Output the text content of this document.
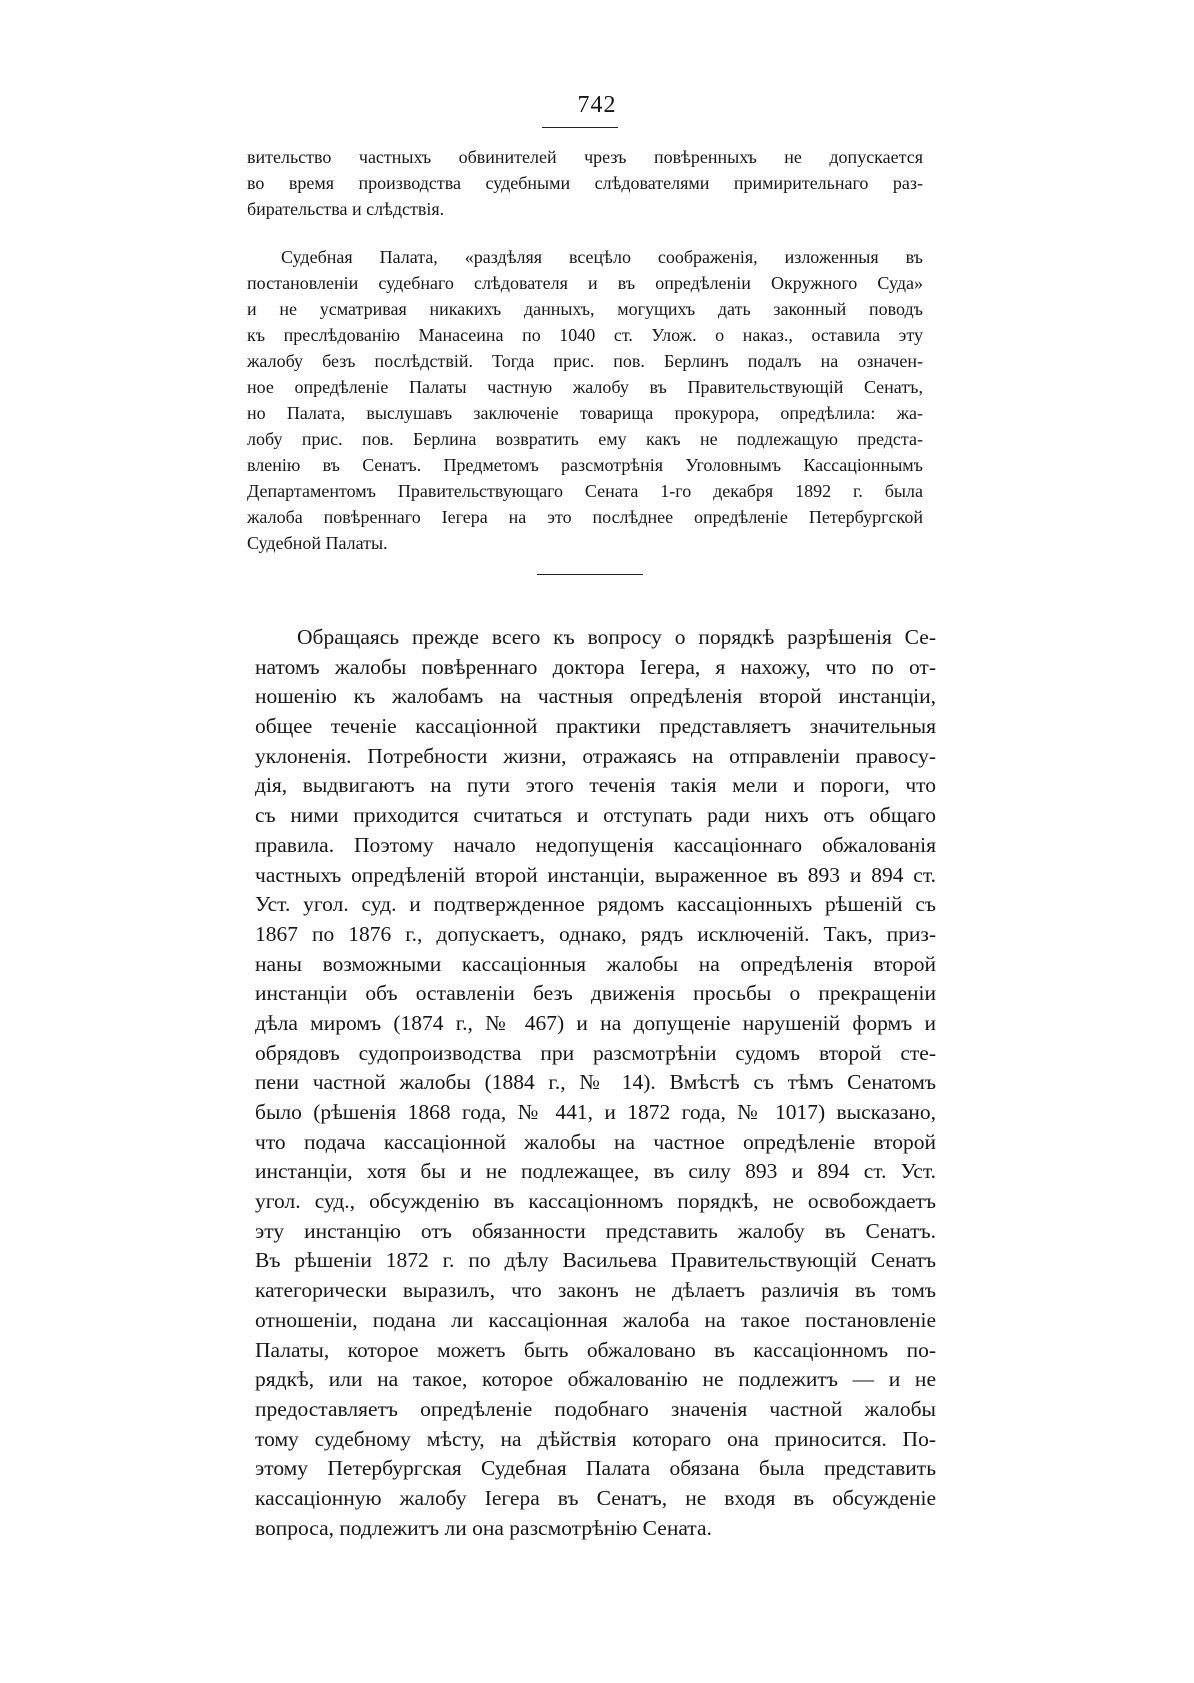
742
вительство частныхъ обвинителей чрезъ повѣренныхъ не допускается
во время производства судебными слѣдователями примирительнаго раз-
бирательства и слѣдствія.
Судебная Палата, «раздѣляя всецѣло соображенія, изложенныя въ
постановленіи судебнаго слѣдователя и въ опредѣленіи Окружного Суда»
и не усматривая никакихъ данныхъ, могущихъ дать законный поводъ
къ преслѣдованію Манасеина по 1040 ст. Улож. о наказ., оставила эту
жалобу безъ послѣдствій. Тогда прис. пов. Берлинъ подалъ на означен-
ное опредѣленіе Палаты частную жалобу въ Правительствующій Сенатъ,
но Палата, выслушавъ заключеніе товарища прокурора, опредѣлила: жа-
лобу прис. пов. Берлина возвратить ему какъ не подлежащую предста-
вленію въ Сенатъ. Предметомъ разсмотрѣнія Уголовнымъ Кассаціоннымъ
Департаментомъ Правительствующаго Сената 1-го декабря 1892 г. была
жалоба повѣреннаго Іегера на это послѣднее опредѣленіе Петербургской
Судебной Палаты.
Обращаясь прежде всего къ вопросу о порядкѣ разрѣшенія Се-
натомъ жалобы повѣреннаго доктора Іегера, я нахожу, что по от-
ношенію къ жалобамъ на частныя опредѣленія второй инстанціи,
общее теченіе кассаціонной практики представляетъ значительныя
уклоненія. Потребности жизни, отражаясь на отправленіи правосу-
дія, выдвигаютъ на пути этого теченія такія мели и пороги, что
съ ними приходится считаться и отступать ради нихъ отъ общаго
правила. Поэтому начало недопущенія кассаціоннаго обжалованія
частныхъ опредѣленій второй инстанціи, выраженное въ 893 и 894 ст.
Уст. угол. суд. и подтвержденное рядомъ кассаціонныхъ рѣшеній съ
1867 по 1876 г., допускаетъ, однако, рядъ исключеній. Такъ, приз-
наны возможными кассаціонныя жалобы на опредѣленія второй
инстанціи объ оставленіи безъ движенія просьбы о прекращеніи
дѣла миромъ (1874 г., № 467) и на допущеніе нарушеній формъ и
обрядовъ судопроизводства при разсмотрѣніи судомъ второй сте-
пени частной жалобы (1884 г., № 14). Вмѣстѣ съ тѣмъ Сенатомъ
было (рѣшенія 1868 года, № 441, и 1872 года, № 1017) высказано,
что подача кассаціонной жалобы на частное опредѣленіе второй
инстанціи, хотя бы и не подлежащее, въ силу 893 и 894 ст. Уст.
угол. суд., обсужденію въ кассаціонномъ порядкѣ, не освобождаетъ
эту инстанцію отъ обязанности представить жалобу въ Сенатъ.
Въ рѣшеніи 1872 г. по дѣлу Васильева Правительствующій Сенатъ
категорически выразилъ, что законъ не дѣлаетъ различія въ томъ
отношеніи, подана ли кассаціонная жалоба на такое постановленіе
Палаты, которое можетъ быть обжаловано въ кассаціонномъ по-
рядкѣ, или на такое, которое обжалованію не подлежитъ — и не
предоставляетъ опредѣленіе подобнаго значенія частной жалобы
тому судебному мѣсту, на дѣйствія котораго она приносится. По-
этому Петербургская Судебная Палата обязана была представить
кассаціонную жалобу Іегера въ Сенатъ, не входя въ обсужденіе
вопроса, подлежитъ ли она разсмотрѣнію Сената.
